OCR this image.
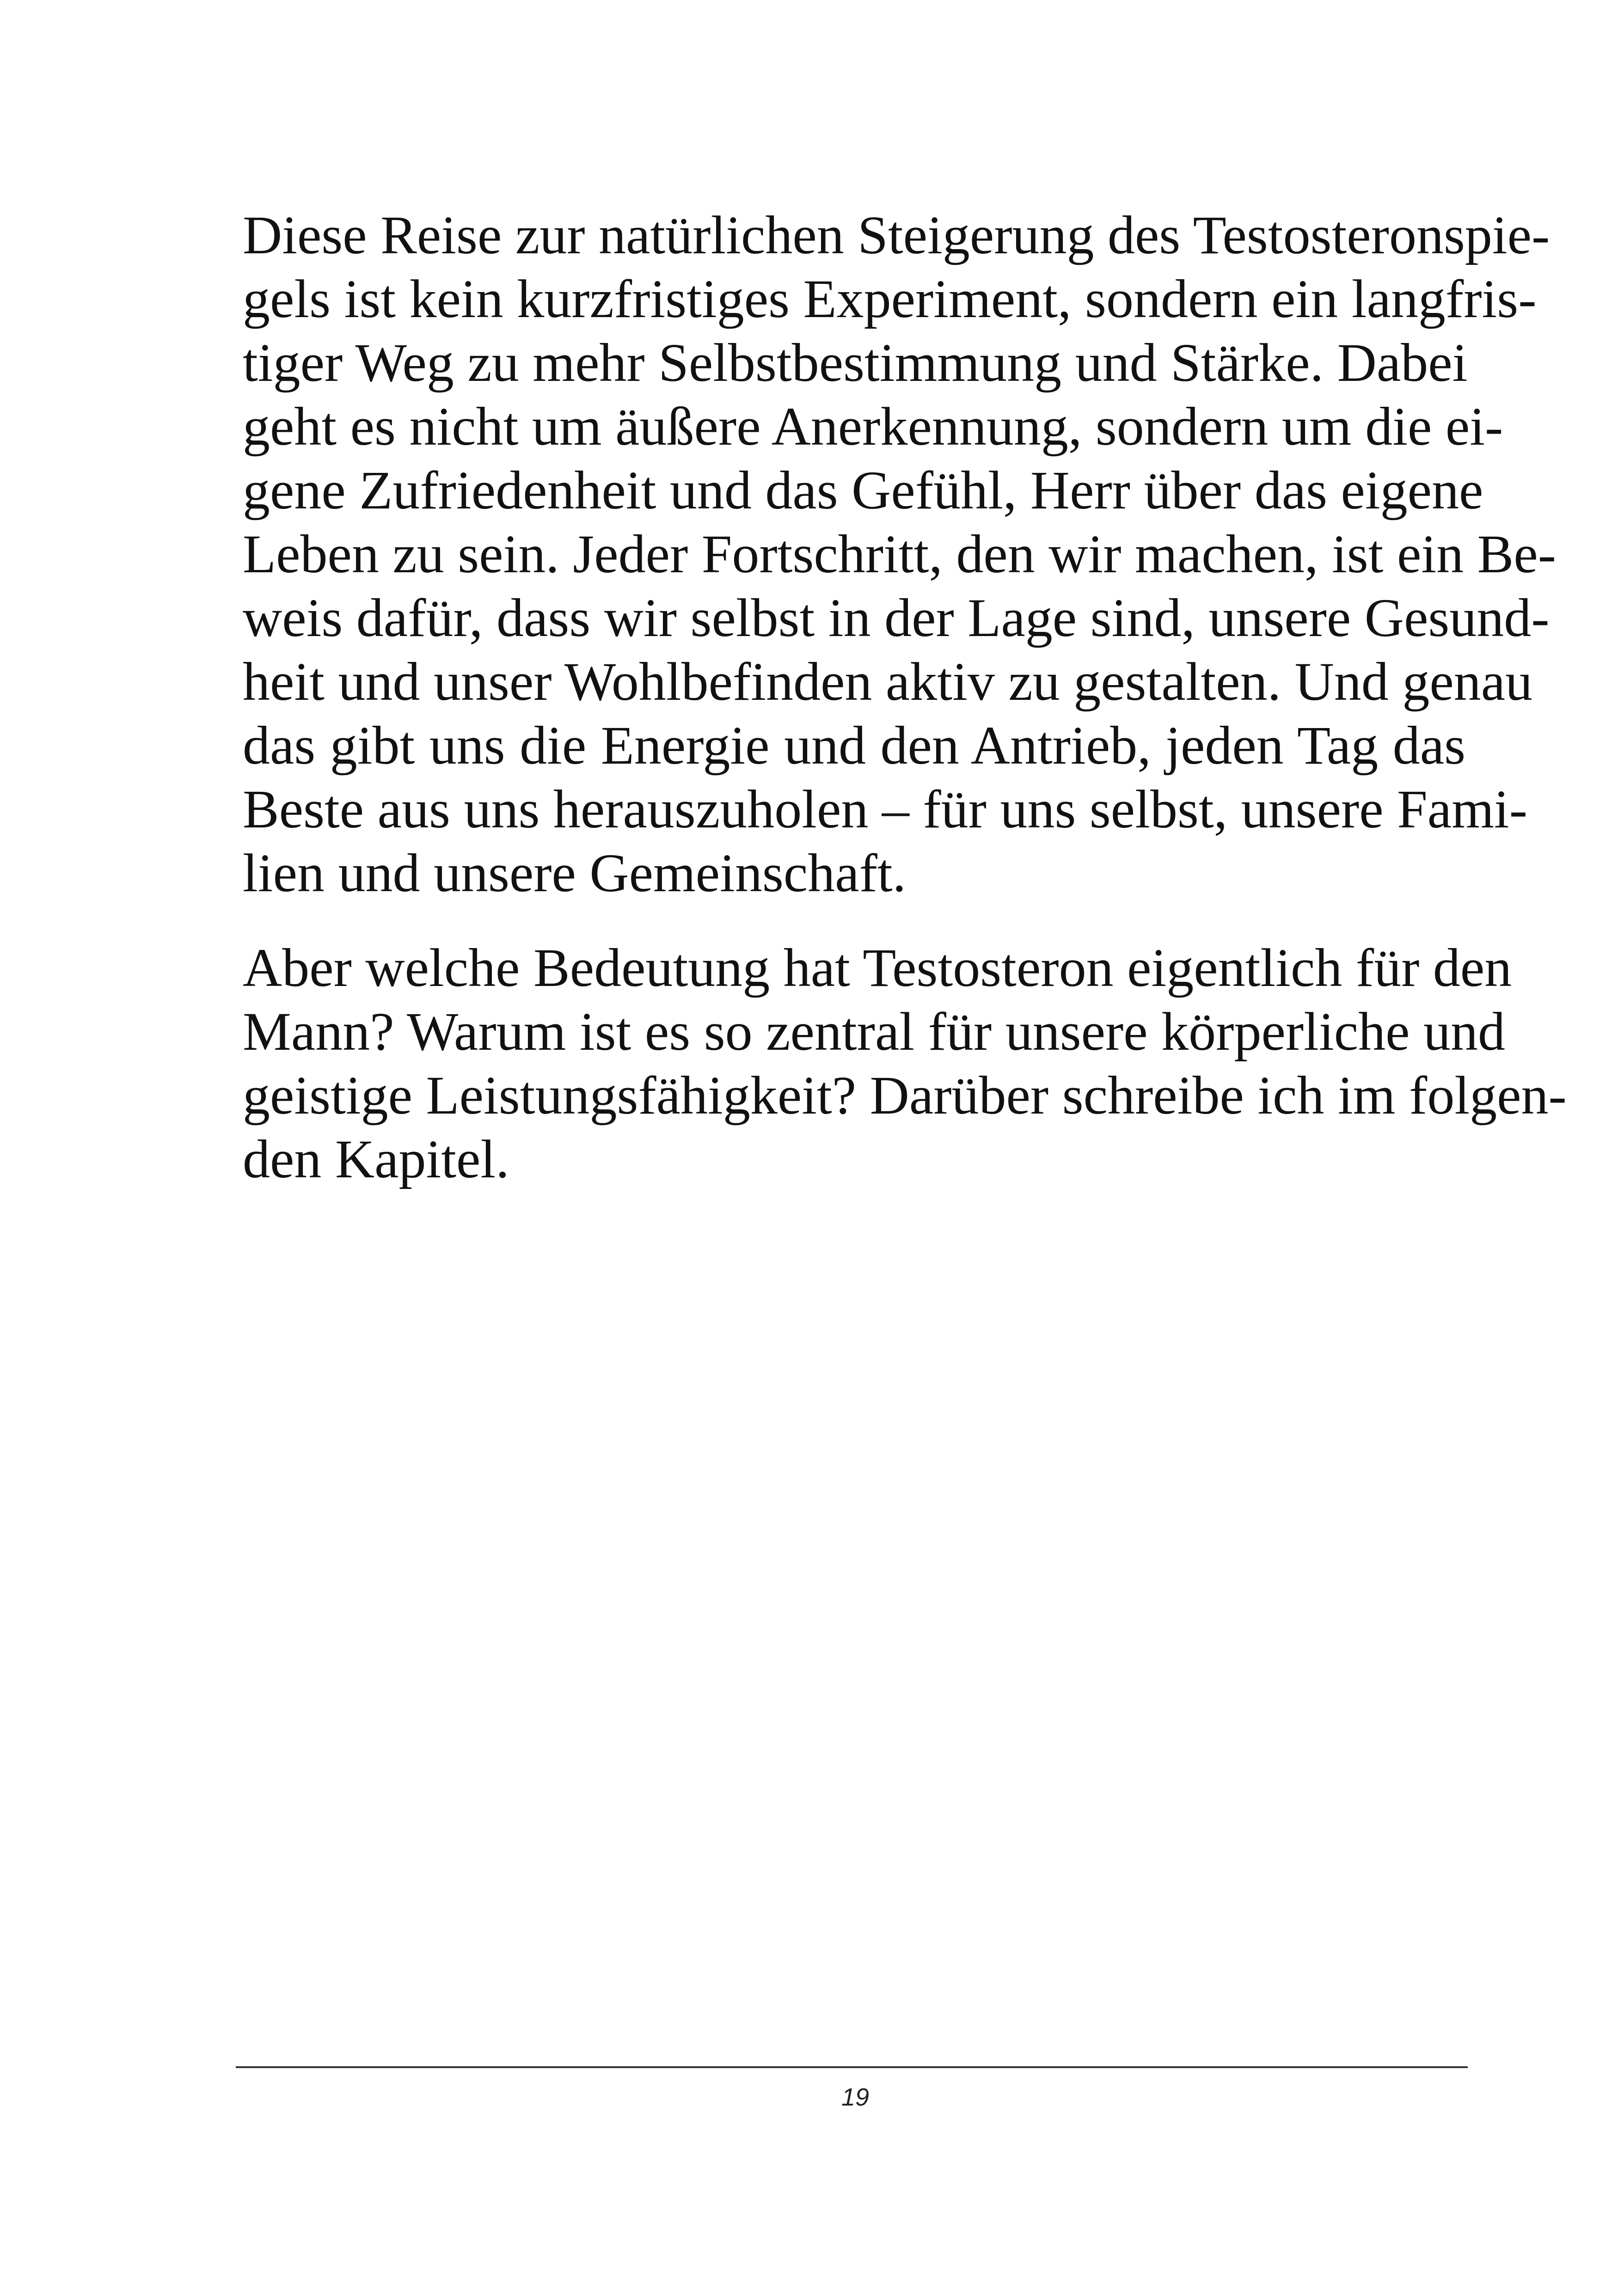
Diese Reise zur natürlichen Steigerung des Testosteronspie-
gels ist kein kurzfristiges Experiment, sondern ein langfris-
tiger Weg zu mehr Selbstbestimmung und Stärke. Dabei
geht es nicht um äußere Anerkennung, sondern um die ei-
gene Zufriedenheit und das Gefühl, Herr über das eigene
Leben zu sein. Jeder Fortschritt, den wir machen, ist ein Be-
weis dafür, dass wir selbst in der Lage sind, unsere Gesund-
heit und unser Wohlbefinden aktiv zu gestalten. Und genau
das gibt uns die Energie und den Antrieb, jeden Tag das
Beste aus uns herauszuholen – für uns selbst, unsere Fami-
lien und unsere Gemeinschaft.
Aber welche Bedeutung hat Testosteron eigentlich für den
Mann? Warum ist es so zentral für unsere körperliche und
geistige Leistungsfähigkeit? Darüber schreibe ich im folgen-
den Kapitel.
19
